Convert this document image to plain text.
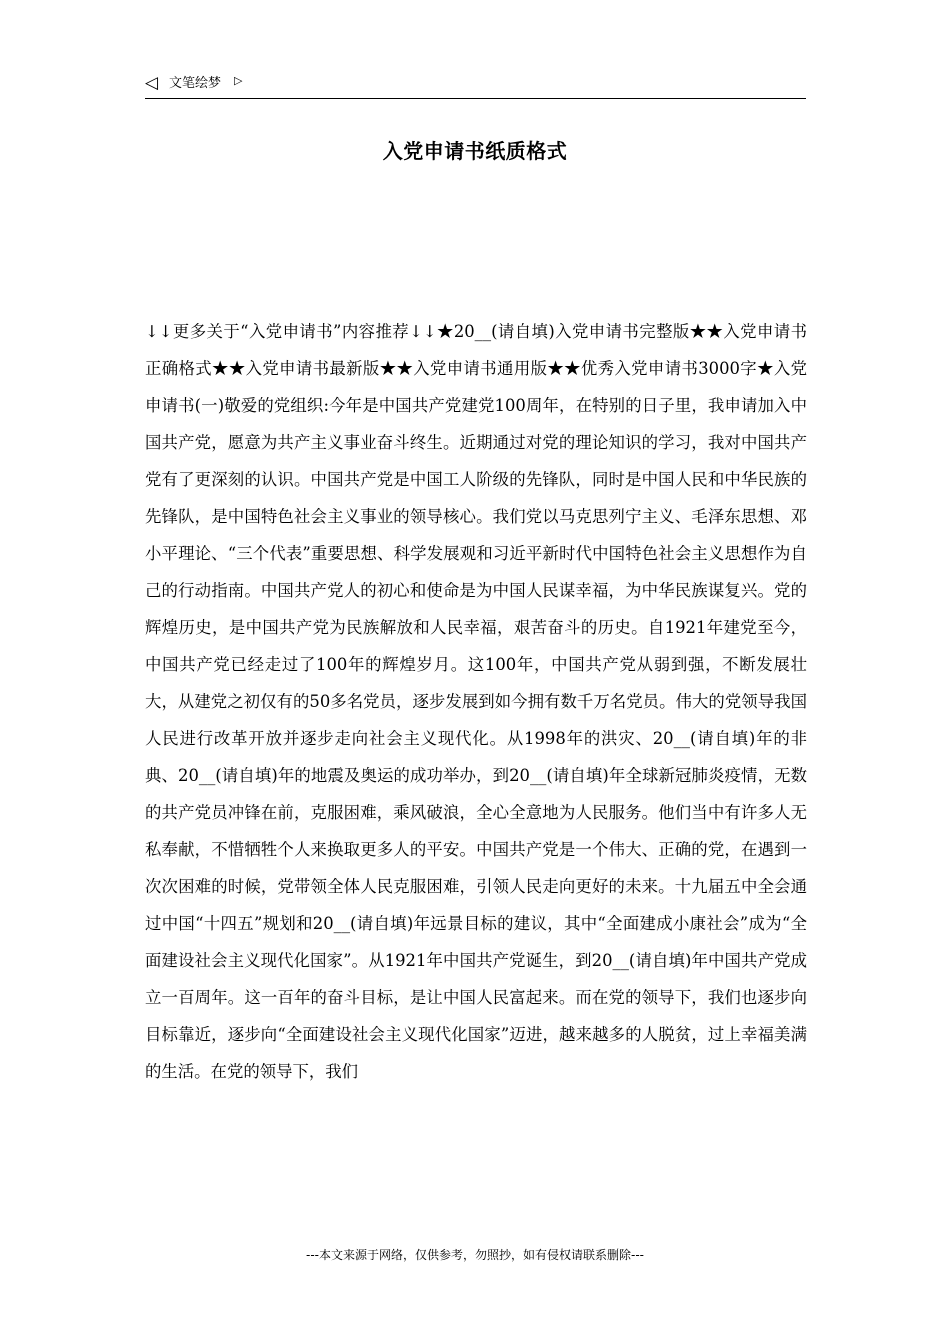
◁ 文笔绘梦 ▷
入党申请书纸质格式

↓↓更多关于“入党申请书”内容推荐↓↓★20__(请自填)入党申请书完整版★★入党申请书正确格式★★入党申请书最新版★★入党申请书通用版★★优秀入党申请书3000字★入党申请书(一)敬爱的党组织:今年是中国共产党建党100周年，在特别的日子里，我申请加入中国共产党，愿意为共产主义事业奋斗终生。近期通过对党的理论知识的学习，我对中国共产党有了更深刻的认识。中国共产党是中国工人阶级的先锋队，同时是中国人民和中华民族的先锋队，是中国特色社会主义事业的领导核心。我们党以马克思列宁主义、毛泽东思想、邓小平理论、“三个代表”重要思想、科学发展观和习近平新时代中国特色社会主义思想作为自己的行动指南。中国共产党人的初心和使命是为中国人民谋幸福，为中华民族谋复兴。党的辉煌历史，是中国共产党为民族解放和人民幸福，艰苦奋斗的历史。自1921年建党至今，中国共产党已经走过了100年的辉煌岁月。这100年，中国共产党从弱到强，不断发展壮大，从建党之初仅有的50多名党员，逐步发展到如今拥有数千万名党员。伟大的党领导我国人民进行改革开放并逐步走向社会主义现代化。从1998年的洪灾、20__(请自填)年的非典、20__(请自填)年的地震及奥运的成功举办，到20__(请自填)年全球新冠肺炎疫情，无数的共产党员冲锋在前，克服困难，乘风破浪，全心全意地为人民服务。他们当中有许多人无私奉献，不惜牺牲个人来换取更多人的平安。中国共产党是一个伟大、正确的党，在遇到一次次困难的时候，党带领全体人民克服困难，引领人民走向更好的未来。十九届五中全会通过中国“十四五”规划和20__(请自填)年远景目标的建议，其中“全面建成小康社会”成为“全面建设社会主义现代化国家”。从1921年中国共产党诞生，到20__(请自填)年中国共产党成立一百周年。这一百年的奋斗目标，是让中国人民富起来。而在党的领导下，我们也逐步向目标靠近，逐步向“全面建设社会主义现代化国家”迈进，越来越多的人脱贫，过上幸福美满的生活。在党的领导下，我们

---本文来源于网络，仅供参考，勿照抄，如有侵权请联系删除---
